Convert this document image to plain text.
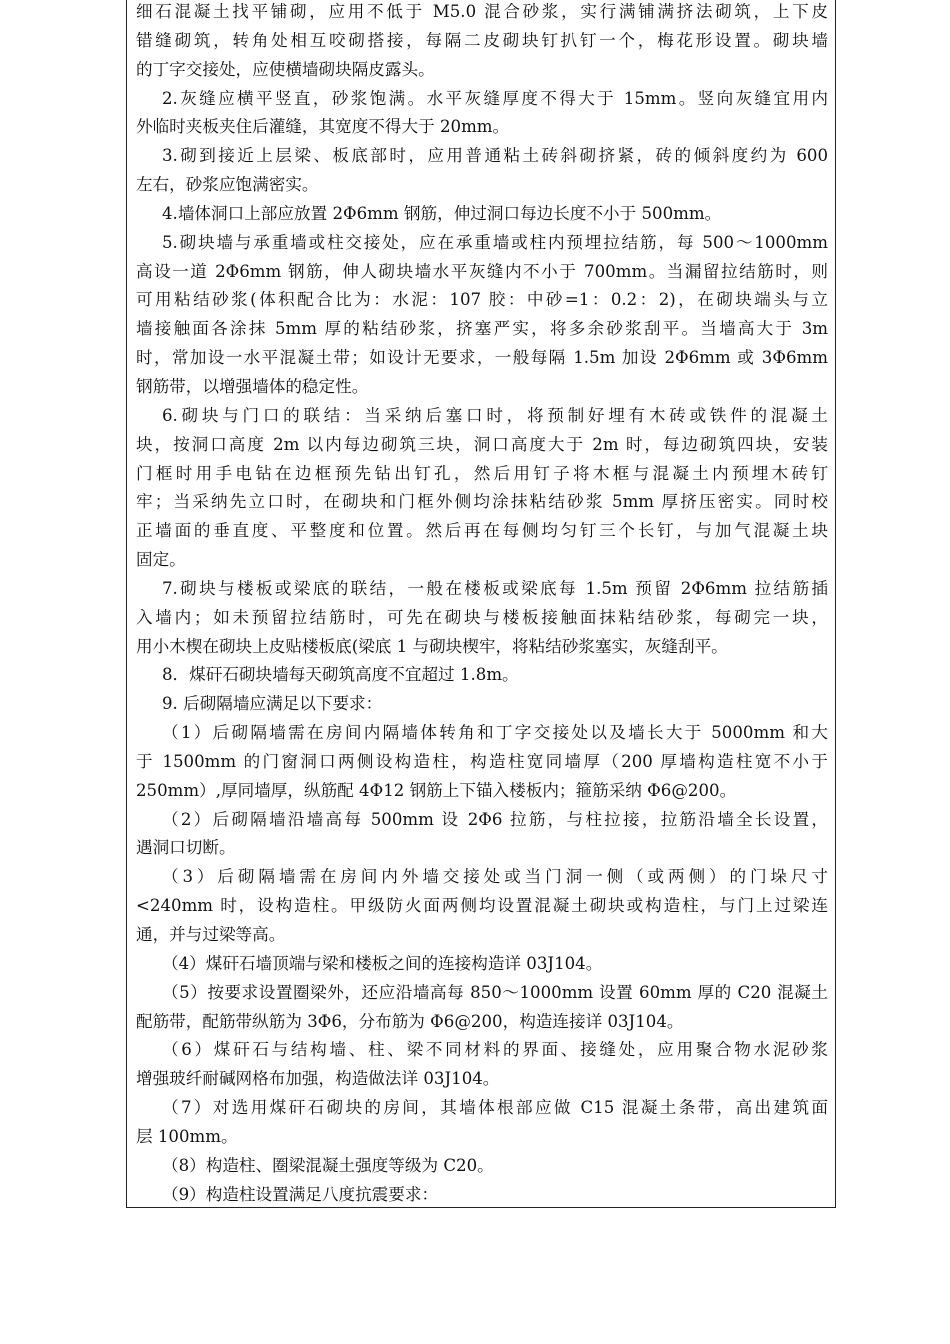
细石混凝土找平铺砌，应用不低于 M5.0 混合砂浆，实行满铺满挤法砌筑，上下皮
错缝砌筑，转角处相互咬砌搭接，每隔二皮砌块钉扒钉一个，梅花形设置。砌块墙
的丁字交接处，应使横墙砌块隔皮露头。
2.灰缝应横平竖直，砂浆饱满。水平灰缝厚度不得大于 15mm。竖向灰缝宜用内
外临时夹板夹住后灌缝，其宽度不得大于 20mm。
3.砌到接近上层梁、板底部时，应用普通粘土砖斜砌挤紧，砖的倾斜度约为 600
左右，砂浆应饱满密实。
4.墙体洞口上部应放置 2Φ6mm 钢筋，伸过洞口每边长度不小于 500mm。
5.砌块墙与承重墙或柱交接处，应在承重墙或柱内预埋拉结筋，每 500～1000mm
高设一道 2Φ6mm 钢筋，伸人砌块墙水平灰缝内不小于 700mm。当漏留拉结筋时，则
可用粘结砂浆(体积配合比为：水泥：107 胶：中砂=1：0.2：2)，在砌块端头与立
墙接触面各涂抹 5mm 厚的粘结砂浆，挤塞严实，将多余砂浆刮平。当墙高大于 3m
时，常加设一水平混凝土带；如设计无要求，一般每隔 1.5m 加设 2Φ6mm 或 3Φ6mm
钢筋带，以增强墙体的稳定性。
6.砌块与门口的联结：当采纳后塞口时，将预制好埋有木砖或铁件的混凝土
块，按洞口高度 2m 以内每边砌筑三块，洞口高度大于 2m 时，每边砌筑四块，安装
门框时用手电钻在边框预先钻出钉孔，然后用钉子将木框与混凝土内预埋木砖钉
牢；当采纳先立口时，在砌块和门框外侧均涂抹粘结砂浆 5mm 厚挤压密实。同时校
正墙面的垂直度、平整度和位置。然后再在每侧均匀钉三个长钉，与加气混凝土块
固定。
7.砌块与楼板或梁底的联结，一般在楼板或梁底每 1.5m 预留 2Φ6mm 拉结筋插
入墙内；如未预留拉结筋时，可先在砌块与楼板接触面抹粘结砂浆，每砌完一块，
用小木楔在砌块上皮贴楼板底(梁底 1 与砌块楔牢，将粘结砂浆塞实，灰缝刮平。
8．煤矸石砌块墙每天砌筑高度不宜超过 1.8m。
9. 后砌隔墙应满足以下要求：
（1）后砌隔墙需在房间内隔墙体转角和丁字交接处以及墙长大于 5000mm 和大
于 1500mm 的门窗洞口两侧设构造柱，构造柱宽同墙厚（200 厚墙构造柱宽不小于
250mm）,厚同墙厚，纵筋配 4Φ12 钢筋上下锚入楼板内；箍筋采纳 Φ6@200。
（2）后砌隔墙沿墙高每 500mm 设 2Φ6 拉筋，与柱拉接，拉筋沿墙全长设置，
遇洞口切断。
（3）后砌隔墙需在房间内外墙交接处或当门洞一侧（或两侧）的门垛尺寸
<240mm 时，设构造柱。甲级防火面两侧均设置混凝土砌块或构造柱，与门上过梁连
通，并与过梁等高。
（4）煤矸石墙顶端与梁和楼板之间的连接构造详 03J104。
（5）按要求设置圈梁外，还应沿墙高每 850～1000mm 设置 60mm 厚的 C20 混凝土
配筋带，配筋带纵筋为 3Φ6，分布筋为 Φ6@200，构造连接详 03J104。
（6）煤矸石与结构墙、柱、梁不同材料的界面、接缝处，应用聚合物水泥砂浆
增强玻纤耐碱网格布加强，构造做法详 03J104。
（7）对选用煤矸石砌块的房间，其墙体根部应做 C15 混凝土条带，高出建筑面
层 100mm。
（8）构造柱、圈梁混凝土强度等级为 C20。
（9）构造柱设置满足八度抗震要求：
